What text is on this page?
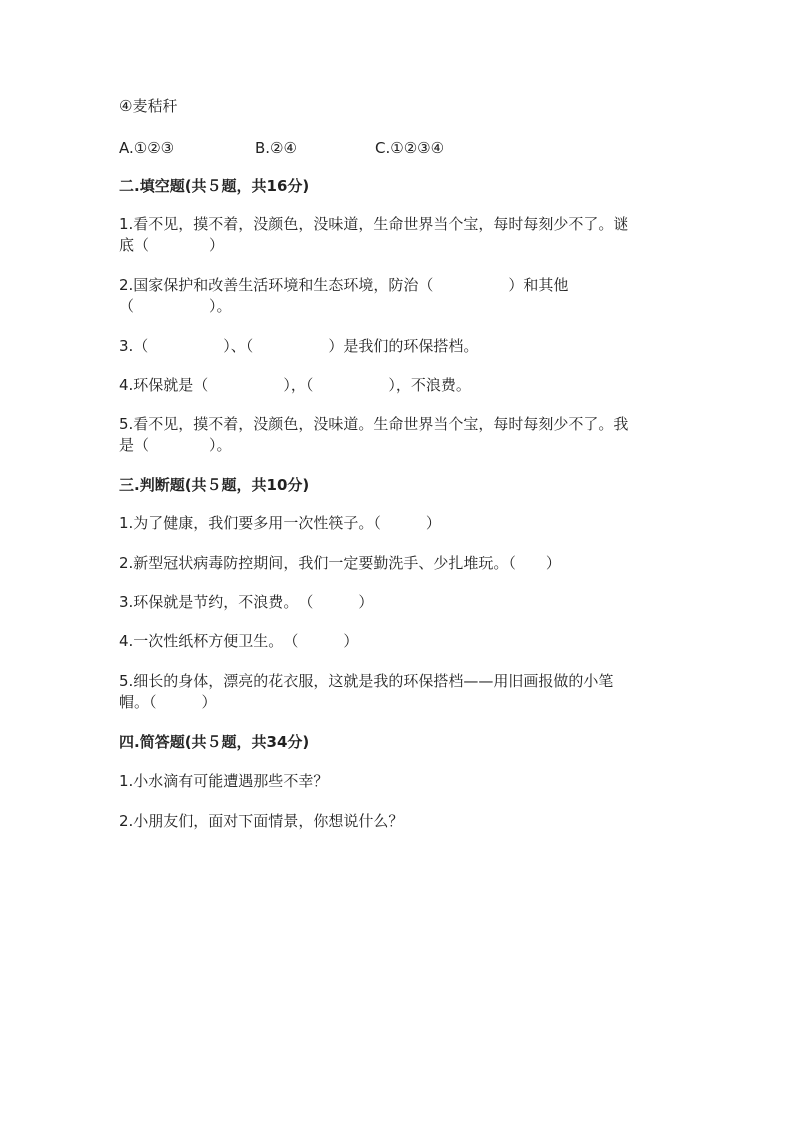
④麦秸秆
A.①②③	B.②④	C.①②③④
二.填空题(共５题，共16分)
1.看不见，摸不着，没颜色，没味道，生命世界当个宝，每时每刻少不了。谜
底（　　　　）
2.国家保护和改善生活环境和生态环境，防治（　　　　　）和其他
（　　　　　）。
3.（　　　　　）、（　　　　　）是我们的环保搭档。
4.环保就是（　　　　　），（　　　　　），不浪费。
5.看不见，摸不着，没颜色，没味道。生命世界当个宝，每时每刻少不了。我
是（　　　　）。
三.判断题(共５题，共10分)
1.为了健康，我们要多用一次性筷子。（　　　）
2.新型冠状病毒防控期间，我们一定要勤洗手、少扎堆玩。（　　）
3.环保就是节约，不浪费。　（　　　）
4.一次性纸杯方便卫生。　（　　　）
5.细长的身体，漂亮的花衣服，这就是我的环保搭档——用旧画报做的小笔
帽。（　　　）
四.简答题(共５题，共34分)
1.小水滴有可能遭遇那些不幸？
2.小朋友们，面对下面情景，你想说什么？
